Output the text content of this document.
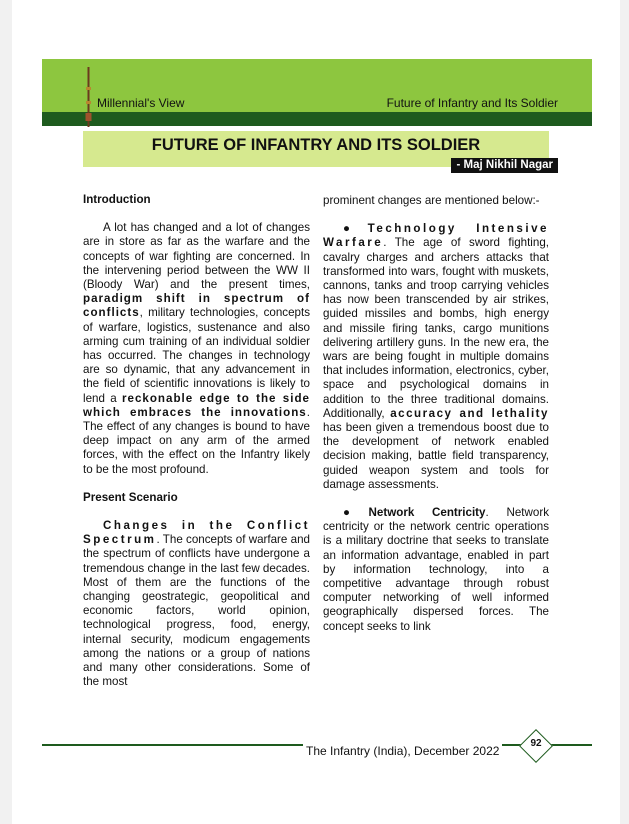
Millennial's View	Future of Infantry and Its Soldier
FUTURE OF INFANTRY AND ITS SOLDIER
- Maj Nikhil Nagar

Introduction

A lot has changed and a lot of changes are in store as far as the warfare and the concepts of war fighting are concerned. In the intervening period between the WW II (Bloody War) and the present times, paradigm shift in spectrum of conflicts, military technologies, concepts of warfare, logistics, sustenance and also arming cum training of an individual soldier has occurred. The changes in technology are so dynamic, that any advancement in the field of scientific innovations is likely to lend a reckonable edge to the side which embraces the innovations. The effect of any changes is bound to have deep impact on any arm of the armed forces, with the effect on the Infantry likely to be the most profound.

Present Scenario

Changes in the Conflict Spectrum. The concepts of warfare and the spectrum of conflicts have undergone a tremendous change in the last few decades. Most of them are the functions of the changing geostrategic, geopolitical and economic factors, world opinion, technological progress, food, energy, internal security, modicum engagements among the nations or a group of nations and many other considerations. Some of the most

prominent changes are mentioned below:-

● Technology Intensive Warfare. The age of sword fighting, cavalry charges and archers attacks that transformed into wars, fought with muskets, cannons, tanks and troop carrying vehicles has now been transcended by air strikes, guided missiles and bombs, high energy and missile firing tanks, cargo munitions delivering artillery guns. In the new era, the wars are being fought in multiple domains that includes information, electronics, cyber, space and psychological domains in addition to the three traditional domains. Additionally, accuracy and lethality has been given a tremendous boost due to the development of network enabled decision making, battle field transparency, guided weapon system and tools for damage assessments.

● Network Centricity. Network centricity or the network centric operations is a military doctrine that seeks to translate an information advantage, enabled in part by information technology, into a competitive advantage through robust computer networking of well informed geographically dispersed forces. The concept seeks to link

The Infantry (India), December 2022
92
